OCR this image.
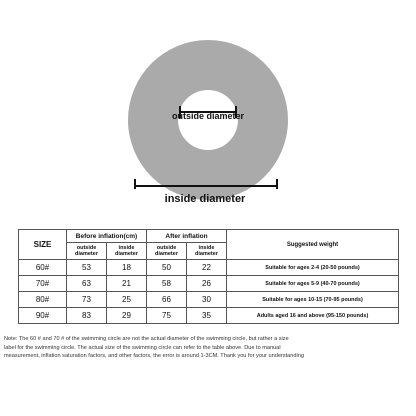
outside diameter
inside diameter
SIZE	Before inflation(cm)		After inflation		Suggested weight
	outside diameter	inside diameter	outside diameter	inside diameter	
60#	53	18	50	22	Suitable for ages 2-4 (20-50 pounds)
70#	63	21	58	26	Suitable for ages 5-9 (40-70 pounds)
80#	73	25	66	30	Suitable for ages 10-15 (70-95 pounds)
90#	83	29	75	35	Adults aged 16 and above (95-150 pounds)
Note: The 60 # and 70 # of the swimming circle are not the actual diameter of the swimming circle, but rather a size
label for the swimming circle. The actual size of the swimming circle can refer to the table above. Due to manual
measurement, inflation saturation factors, and other factors, the error is around 1-3CM. Thank you for your understanding
